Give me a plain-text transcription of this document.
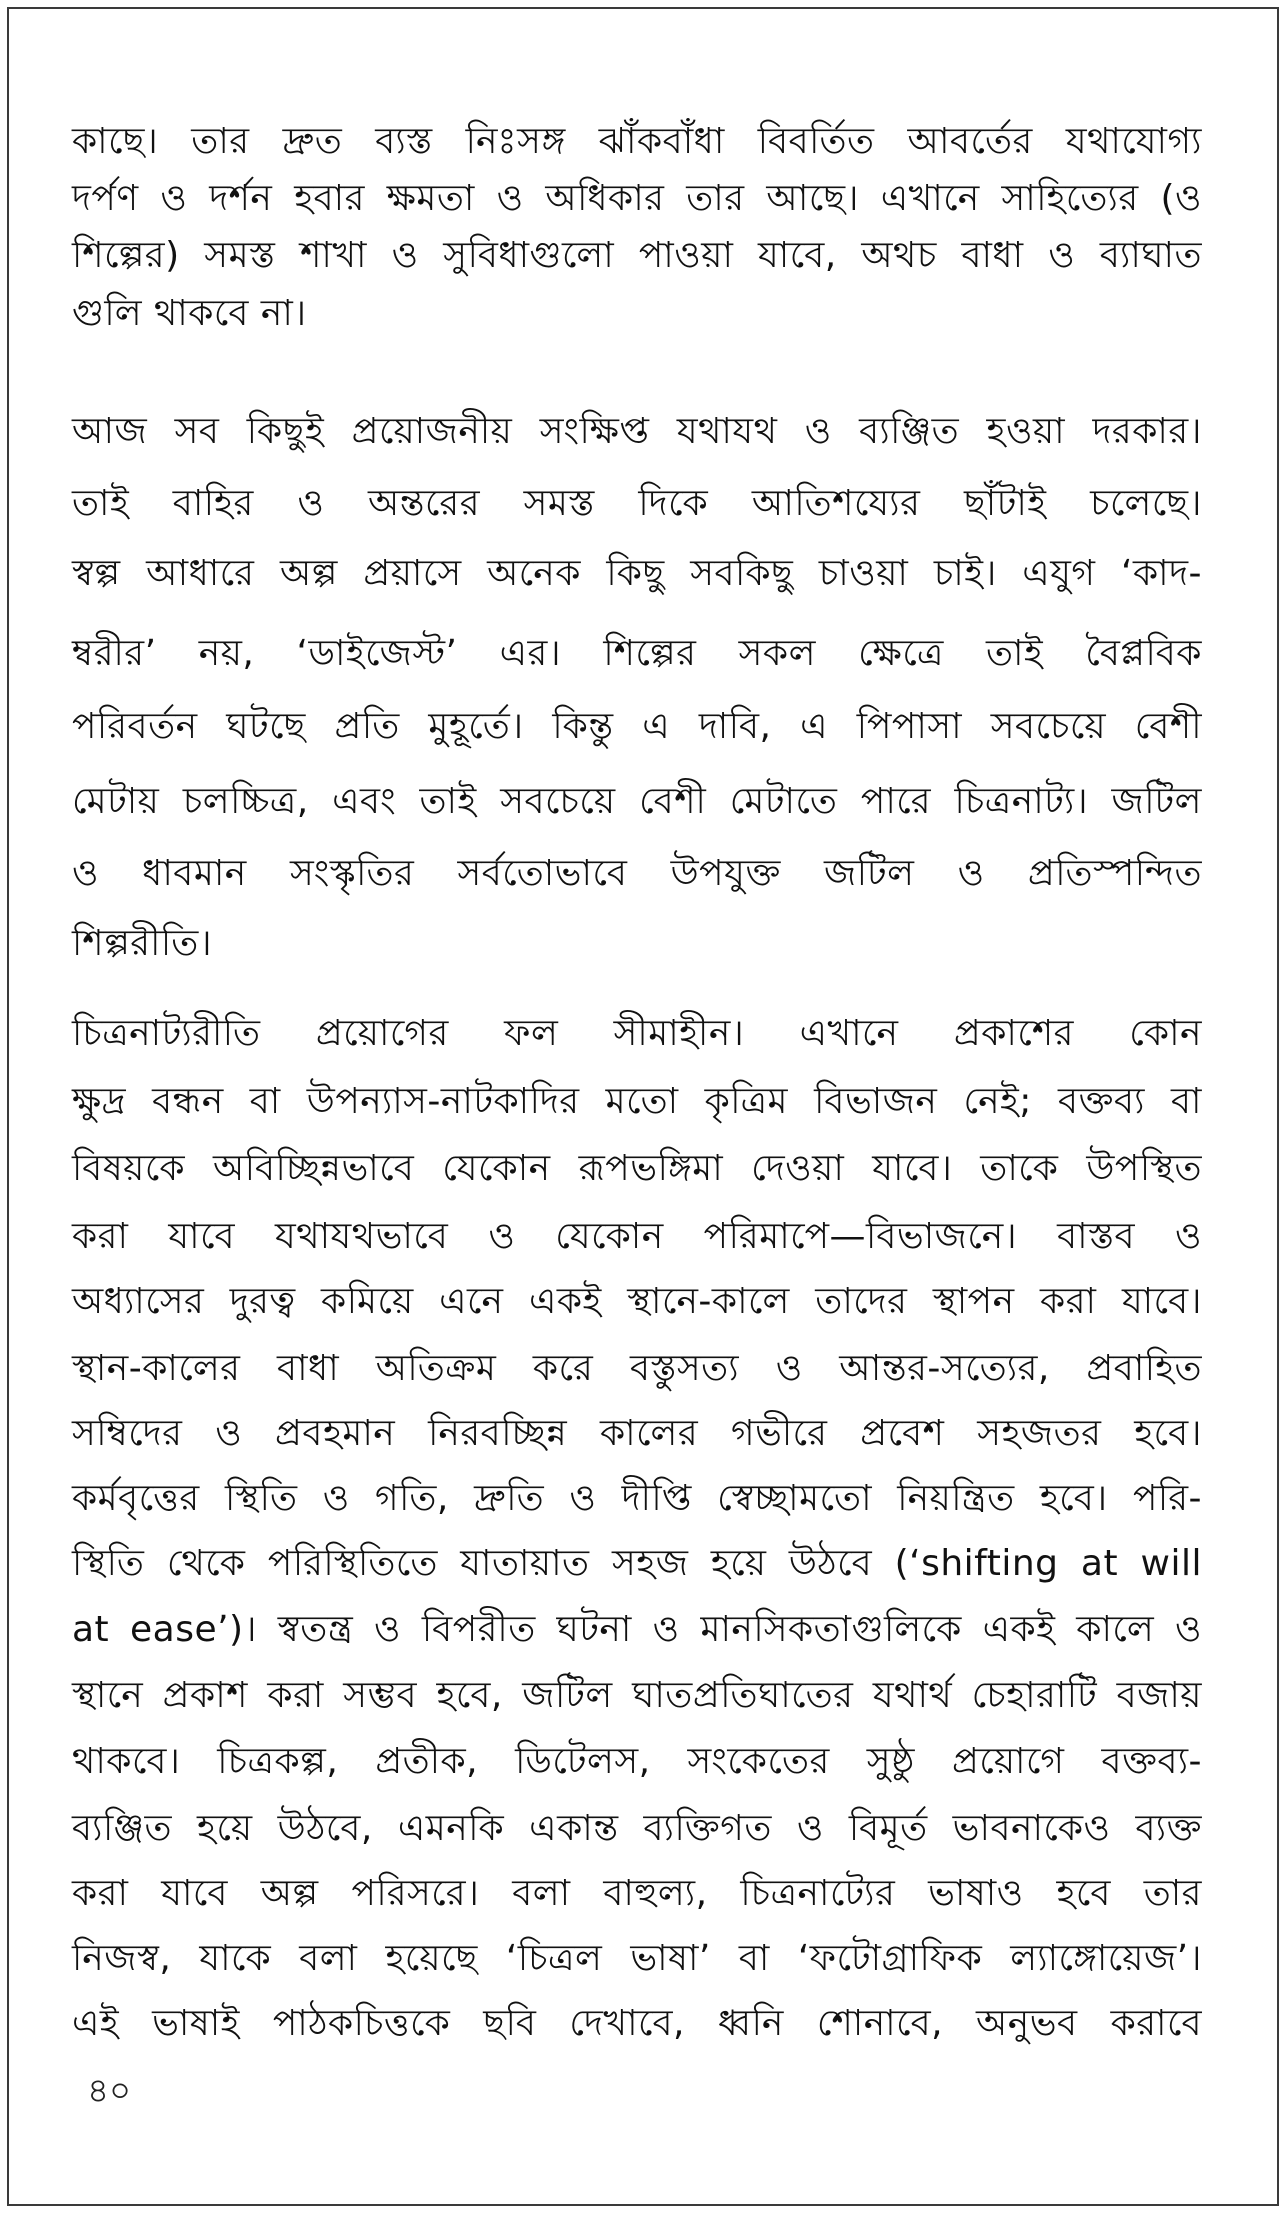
কাছে। তার দ্রুত ব্যস্ত নিঃসঙ্গ ঝাঁকবাঁধা বিবর্তিত আবর্তের যথাযোগ্য
দর্পণ ও দর্শন হবার ক্ষমতা ও অধিকার তার আছে। এখানে সাহিত্যের (ও
শিল্পের) সমস্ত শাখা ও সুবিধাগুলো পাওয়া যাবে, অথচ বাধা ও ব্যাঘাত
গুলি থাকবে না।
আজ সব কিছুই প্রয়োজনীয় সংক্ষিপ্ত যথাযথ ও ব্যঞ্জিত হওয়া দরকার।
তাই বাহির ও অন্তরের সমস্ত দিকে আতিশয্যের ছাঁটাই চলেছে।
স্বল্প আধারে অল্প প্রয়াসে অনেক কিছু সবকিছু চাওয়া চাই। এযুগ ‘কাদ-
ম্বরীর’ নয়, ‘ডাইজেস্ট’ এর। শিল্পের সকল ক্ষেত্রে তাই বৈপ্লবিক
পরিবর্তন ঘটছে প্রতি মুহূর্তে। কিন্তু এ দাবি, এ পিপাসা সবচেয়ে বেশী
মেটায় চলচ্চিত্র, এবং তাই সবচেয়ে বেশী মেটাতে পারে চিত্রনাট্য। জটিল
ও ধাবমান সংস্কৃতির সর্বতোভাবে উপযুক্ত জটিল ও প্রতিস্পন্দিত
শিল্পরীতি।
চিত্রনাট্যরীতি প্রয়োগের ফল সীমাহীন। এখানে প্রকাশের কোন
ক্ষুদ্র বন্ধন বা উপন্যাস-নাটকাদির মতো কৃত্রিম বিভাজন নেই; বক্তব্য বা
বিষয়কে অবিচ্ছিন্নভাবে যেকোন রূপভঙ্গিমা দেওয়া যাবে। তাকে উপস্থিত
করা যাবে যথাযথভাবে ও যেকোন পরিমাপে—বিভাজনে। বাস্তব ও
অধ্যাসের দুরত্ব কমিয়ে এনে একই স্থানে-কালে তাদের স্থাপন করা যাবে।
স্থান-কালের বাধা অতিক্রম করে বস্তুসত্য ও আন্তর-সত্যের, প্রবাহিত
সম্বিদের ও প্রবহমান নিরবচ্ছিন্ন কালের গভীরে প্রবেশ সহজতর হবে।
কর্মবৃত্তের স্থিতি ও গতি, দ্রুতি ও দীপ্তি স্বেচ্ছামতো নিয়ন্ত্রিত হবে। পরি-
স্থিতি থেকে পরিস্থিতিতে যাতায়াত সহজ হয়ে উঠবে (‘shifting at will
at ease’)। স্বতন্ত্র ও বিপরীত ঘটনা ও মানসিকতাগুলিকে একই কালে ও
স্থানে প্রকাশ করা সম্ভব হবে, জটিল ঘাতপ্রতিঘাতের যথার্থ চেহারাটি বজায়
থাকবে। চিত্রকল্প, প্রতীক, ডিটেলস, সংকেতের সুষ্ঠু প্রয়োগে বক্তব্য-
ব্যঞ্জিত হয়ে উঠবে, এমনকি একান্ত ব্যক্তিগত ও বিমূর্ত ভাবনাকেও ব্যক্ত
করা যাবে অল্প পরিসরে। বলা বাহুল্য, চিত্রনাট্যের ভাষাও হবে তার
নিজস্ব, যাকে বলা হয়েছে ‘চিত্রল ভাষা’ বা ‘ফটোগ্রাফিক ল্যাঙ্গোয়েজ’।
এই ভাষাই পাঠকচিত্তকে ছবি দেখাবে, ধ্বনি শোনাবে, অনুভব করাবে
৪০
